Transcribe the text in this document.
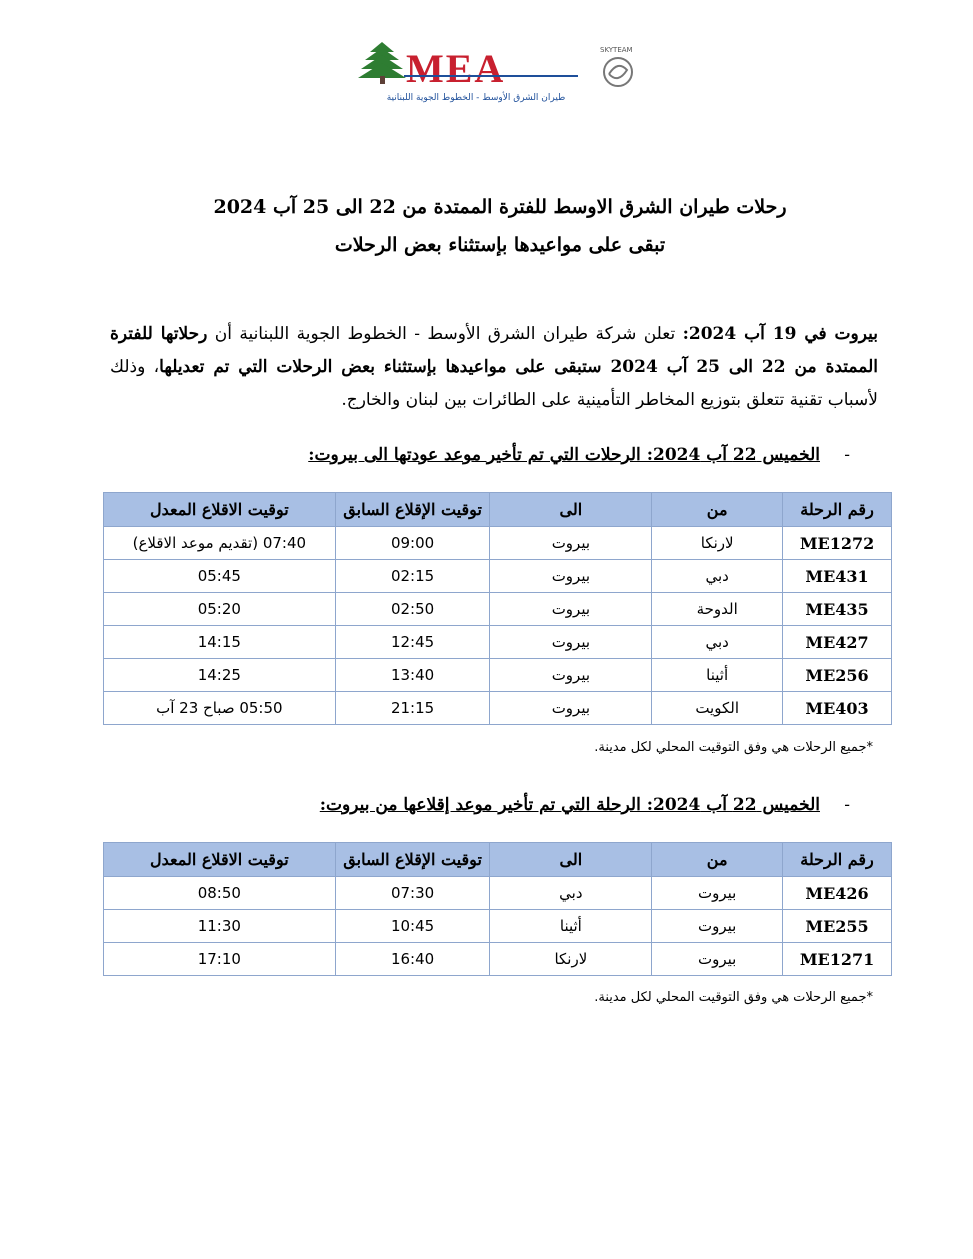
MEA	SKYTEAM
طيران الشرق الأوسط - الخطوط الجوية اللبنانية
رحلات طيران الشرق الاوسط للفترة الممتدة من 22 الى 25 آب 2024
تبقى على مواعيدها بإستثناء بعض الرحلات
بيروت في 19 آب 2024: تعلن شركة طيران الشرق الأوسط - الخطوط الجوية اللبنانية أن رحلاتها للفترة الممتدة من 22 الى 25 آب 2024 ستبقى على مواعيدها بإستثناء بعض الرحلات التي تم تعديلها، وذلك لأسباب تقنية تتعلق بتوزيع المخاطر التأمينية على الطائرات بين لبنان والخارج.
-
الخميس 22 آب 2024: الرحلات التي تم تأخير موعد عودتها الى بيروت:
رقم الرحلة	من	الى	توقيت الإقلاع السابق	توقيت الاقلاع المعدل
ME1272	لارنكا	بيروت	09:00	07:40 (تقديم موعد الاقلاع)
ME431	دبي	بيروت	02:15	05:45
ME435	الدوحة	بيروت	02:50	05:20
ME427	دبي	بيروت	12:45	14:15
ME256	أثينا	بيروت	13:40	14:25
ME403	الكويت	بيروت	21:15	05:50 صباح 23 آب
*جميع الرحلات هي وفق التوقيت المحلي لكل مدينة.
-
الخميس 22 آب 2024: الرحلة التي تم تأخير موعد إقلاعها من بيروت:
رقم الرحلة	من	الى	توقيت الإقلاع السابق	توقيت الاقلاع المعدل
ME426	بيروت	دبي	07:30	08:50
ME255	بيروت	أثينا	10:45	11:30
ME1271	بيروت	لارنكا	16:40	17:10
*جميع الرحلات هي وفق التوقيت المحلي لكل مدينة.
